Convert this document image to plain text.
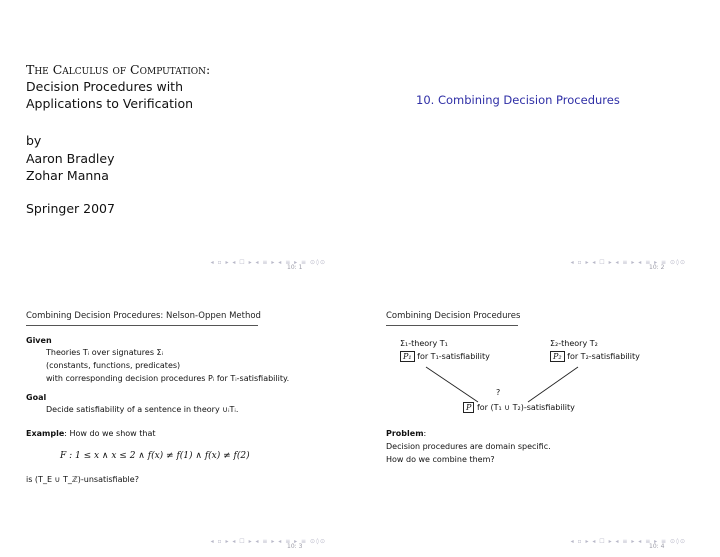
The Calculus of Computation:
Decision Procedures with
Applications to Verification
by
Aaron Bradley
Zohar Manna
Springer 2007
◂ ▫ ▸ ◂ ☐ ▸ ◂ ≡ ▸ ◂ ≡ ▸ ≡ ⊙◊⊙
10: 1
10. Combining Decision Procedures
◂ ▫ ▸ ◂ ☐ ▸ ◂ ≡ ▸ ◂ ≡ ▸ ≡ ⊙◊⊙
10: 2
Combining Decision Procedures: Nelson-Oppen Method
Given
Theories Tᵢ over signatures Σᵢ
(constants, functions, predicates)
with corresponding decision procedures Pᵢ for Tᵢ-satisfiability.
Goal
Decide satisfiability of a sentence in theory ∪ᵢTᵢ.
Example: How do we show that
F : 1 ≤ x ∧ x ≤ 2 ∧ f(x) ≠ f(1) ∧ f(x) ≠ f(2)
is (T_E ∪ T_ℤ)-unsatisfiable?
◂ ▫ ▸ ◂ ☐ ▸ ◂ ≡ ▸ ◂ ≡ ▸ ≡ ⊙◊⊙
10: 3
Combining Decision Procedures
Σ₁-theory T₁	Σ₂-theory T₂
P₁ for T₁-satisfiability	P₂ for T₂-satisfiability
?
P for (T₁ ∪ T₂)-satisfiability
Problem:
Decision procedures are domain specific.
How do we combine them?
◂ ▫ ▸ ◂ ☐ ▸ ◂ ≡ ▸ ◂ ≡ ▸ ≡ ⊙◊⊙
10: 4
